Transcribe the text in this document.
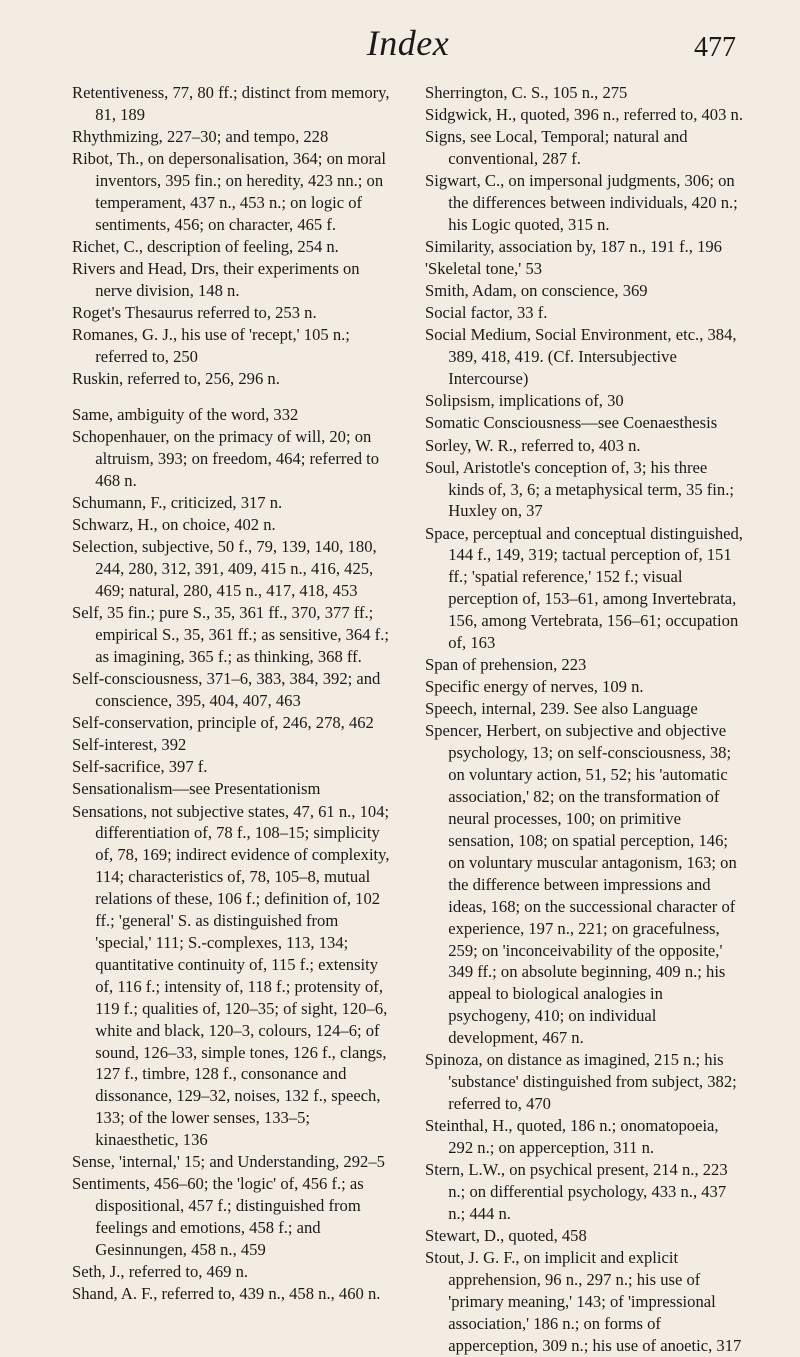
Index	477
Retentiveness, 77, 80 ff.; distinct from memory, 81, 189
Rhythmizing, 227–30; and tempo, 228
Ribot, Th., on depersonalisation, 364; on moral inventors, 395 fin.; on heredity, 423 nn.; on temperament, 437 n., 453 n.; on logic of sentiments, 456; on character, 465 f.
Richet, C., description of feeling, 254 n.
Rivers and Head, Drs, their experiments on nerve division, 148 n.
Roget's Thesaurus referred to, 253 n.
Romanes, G. J., his use of 'recept,' 105 n.; referred to, 250
Ruskin, referred to, 256, 296 n.
Same, ambiguity of the word, 332
Schopenhauer, on the primacy of will, 20; on altruism, 393; on freedom, 464; referred to 468 n.
Schumann, F., criticized, 317 n.
Schwarz, H., on choice, 402 n.
Selection, subjective, 50 f., 79, 139, 140, 180, 244, 280, 312, 391, 409, 415 n., 416, 425, 469; natural, 280, 415 n., 417, 418, 453
Self, 35 fin.; pure S., 35, 361 ff., 370, 377 ff.; empirical S., 35, 361 ff.; as sensitive, 364 f.; as imagining, 365 f.; as thinking, 368 ff.
Self-consciousness, 371–6, 383, 384, 392; and conscience, 395, 404, 407, 463
Self-conservation, principle of, 246, 278, 462
Self-interest, 392
Self-sacrifice, 397 f.
Sensationalism—see Presentationism
Sensations, not subjective states, 47, 61 n., 104; differentiation of, 78 f., 108–15; simplicity of, 78, 169; indirect evidence of complexity, 114; characteristics of, 78, 105–8, mutual relations of these, 106 f.; definition of, 102 ff.; 'general' S. as distinguished from 'special,' 111; S.-complexes, 113, 134; quantitative continuity of, 115 f.; extensity of, 116 f.; intensity of, 118 f.; protensity of, 119 f.; qualities of, 120–35; of sight, 120–6, white and black, 120–3, colours, 124–6; of sound, 126–33, simple tones, 126 f., clangs, 127 f., timbre, 128 f., consonance and dissonance, 129–32, noises, 132 f., speech, 133; of the lower senses, 133–5; kinaesthetic, 136
Sense, 'internal,' 15; and Understanding, 292–5
Sentiments, 456–60; the 'logic' of, 456 f.; as dispositional, 457 f.; distinguished from feelings and emotions, 458 f.; and Gesinnungen, 458 n., 459
Seth, J., referred to, 469 n.
Shand, A. F., referred to, 439 n., 458 n., 460 n.
Sherrington, C. S., 105 n., 275
Sidgwick, H., quoted, 396 n., referred to, 403 n.
Signs, see Local, Temporal; natural and conventional, 287 f.
Sigwart, C., on impersonal judgments, 306; on the differences between individuals, 420 n.; his Logic quoted, 315 n.
Similarity, association by, 187 n., 191 f., 196
'Skeletal tone,' 53
Smith, Adam, on conscience, 369
Social factor, 33 f.
Social Medium, Social Environment, etc., 384, 389, 418, 419. (Cf. Intersubjective Intercourse)
Solipsism, implications of, 30
Somatic Consciousness—see Coenaesthesis
Sorley, W. R., referred to, 403 n.
Soul, Aristotle's conception of, 3; his three kinds of, 3, 6; a metaphysical term, 35 fin.; Huxley on, 37
Space, perceptual and conceptual distinguished, 144 f., 149, 319; tactual perception of, 151 ff.; 'spatial reference,' 152 f.; visual perception of, 153–61, among Invertebrata, 156, among Vertebrata, 156–61; occupation of, 163
Span of prehension, 223
Specific energy of nerves, 109 n.
Speech, internal, 239. See also Language
Spencer, Herbert, on subjective and objective psychology, 13; on self-consciousness, 38; on voluntary action, 51, 52; his 'automatic association,' 82; on the transformation of neural processes, 100; on primitive sensation, 108; on spatial perception, 146; on voluntary muscular antagonism, 163; on the difference between impressions and ideas, 168; on the successional character of experience, 197 n., 221; on gracefulness, 259; on 'inconceivability of the opposite,' 349 ff.; on absolute beginning, 409 n.; his appeal to biological analogies in psychogeny, 410; on individual development, 467 n.
Spinoza, on distance as imagined, 215 n.; his 'substance' distinguished from subject, 382; referred to, 470
Steinthal, H., quoted, 186 n.; onomatopoeia, 292 n.; on apperception, 311 n.
Stern, L.W., on psychical present, 214 n., 223 n.; on differential psychology, 433 n., 437 n.; 444 n.
Stewart, D., quoted, 458
Stout, J. G. F., on implicit and explicit apprehension, 96 n., 297 n.; his use of 'primary meaning,' 143; of 'impressional association,' 186 n.; on forms of apperception, 309 n.; his use of anoetic, 317
